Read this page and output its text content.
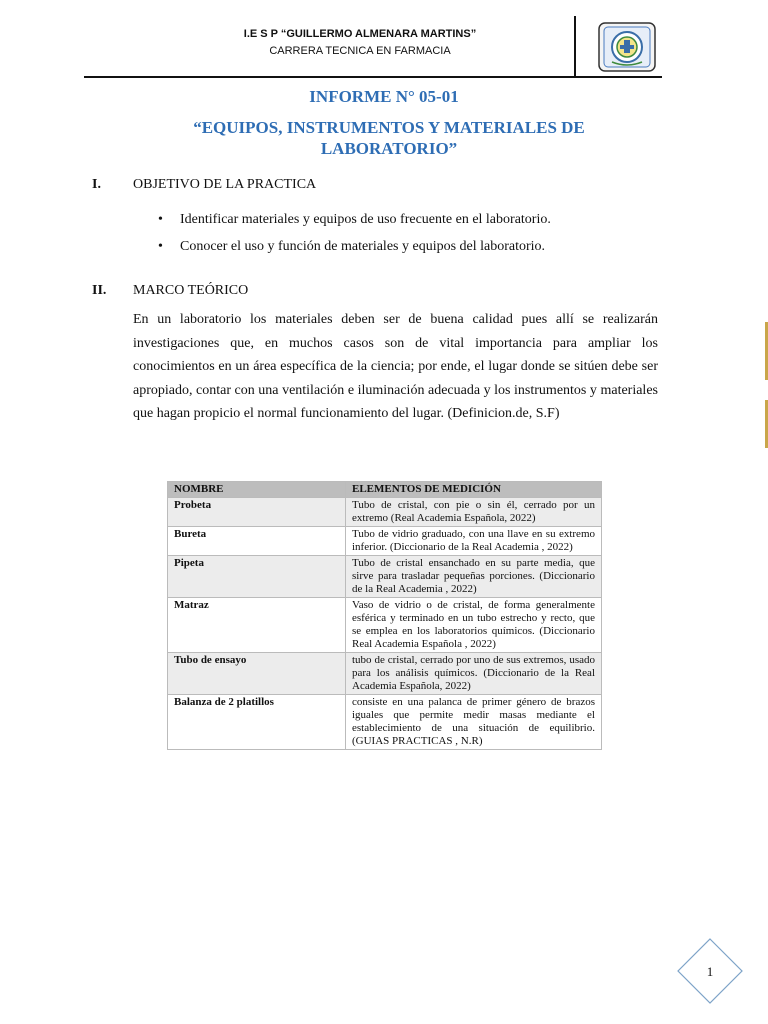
I.E S P “GUILLERMO ALMENARA MARTINS”
CARRERA TECNICA EN FARMACIA
INFORME N° 05-01
“EQUIPOS, INSTRUMENTOS Y MATERIALES DE
LABORATORIO”
I. OBJETIVO DE LA PRACTICA
• Identificar materiales y equipos de uso frecuente en el laboratorio.
• Conocer el uso y función de materiales y equipos del laboratorio.
II. MARCO TEÓRICO
En un laboratorio los materiales deben ser de buena calidad pues allí se realizarán investigaciones que, en muchos casos son de vital importancia para ampliar los conocimientos en un área específica de la ciencia; por ende, el lugar donde se sitúen debe ser apropiado, contar con una ventilación e iluminación adecuada y los instrumentos y materiales que hagan propicio el normal funcionamiento del lugar. (Definicion.de, S.F)
NOMBRE	ELEMENTOS DE MEDICIÓN
Probeta	Tubo de cristal, con pie o sin él, cerrado por un extremo (Real Academia Española, 2022)
Bureta	Tubo de vidrio graduado, con una llave en su extremo inferior. (Diccionario de la Real Academia , 2022)
Pipeta	Tubo de cristal ensanchado en su parte media, que sirve para trasladar pequeñas porciones. (Diccionario de la Real Academia , 2022)
Matraz	Vaso de vidrio o de cristal, de forma generalmente esférica y terminado en un tubo estrecho y recto, que se emplea en los laboratorios químicos. (Diccionario Real Academia Española , 2022)
Tubo de ensayo	tubo de cristal, cerrado por uno de sus extremos, usado para los análisis químicos. (Diccionario de la Real Academia Española, 2022)
Balanza de 2 platillos	consiste en una palanca de primer género de brazos iguales que permite medir masas mediante el establecimiento de una situación de equilibrio. (GUIAS PRACTICAS , N.R)
1
